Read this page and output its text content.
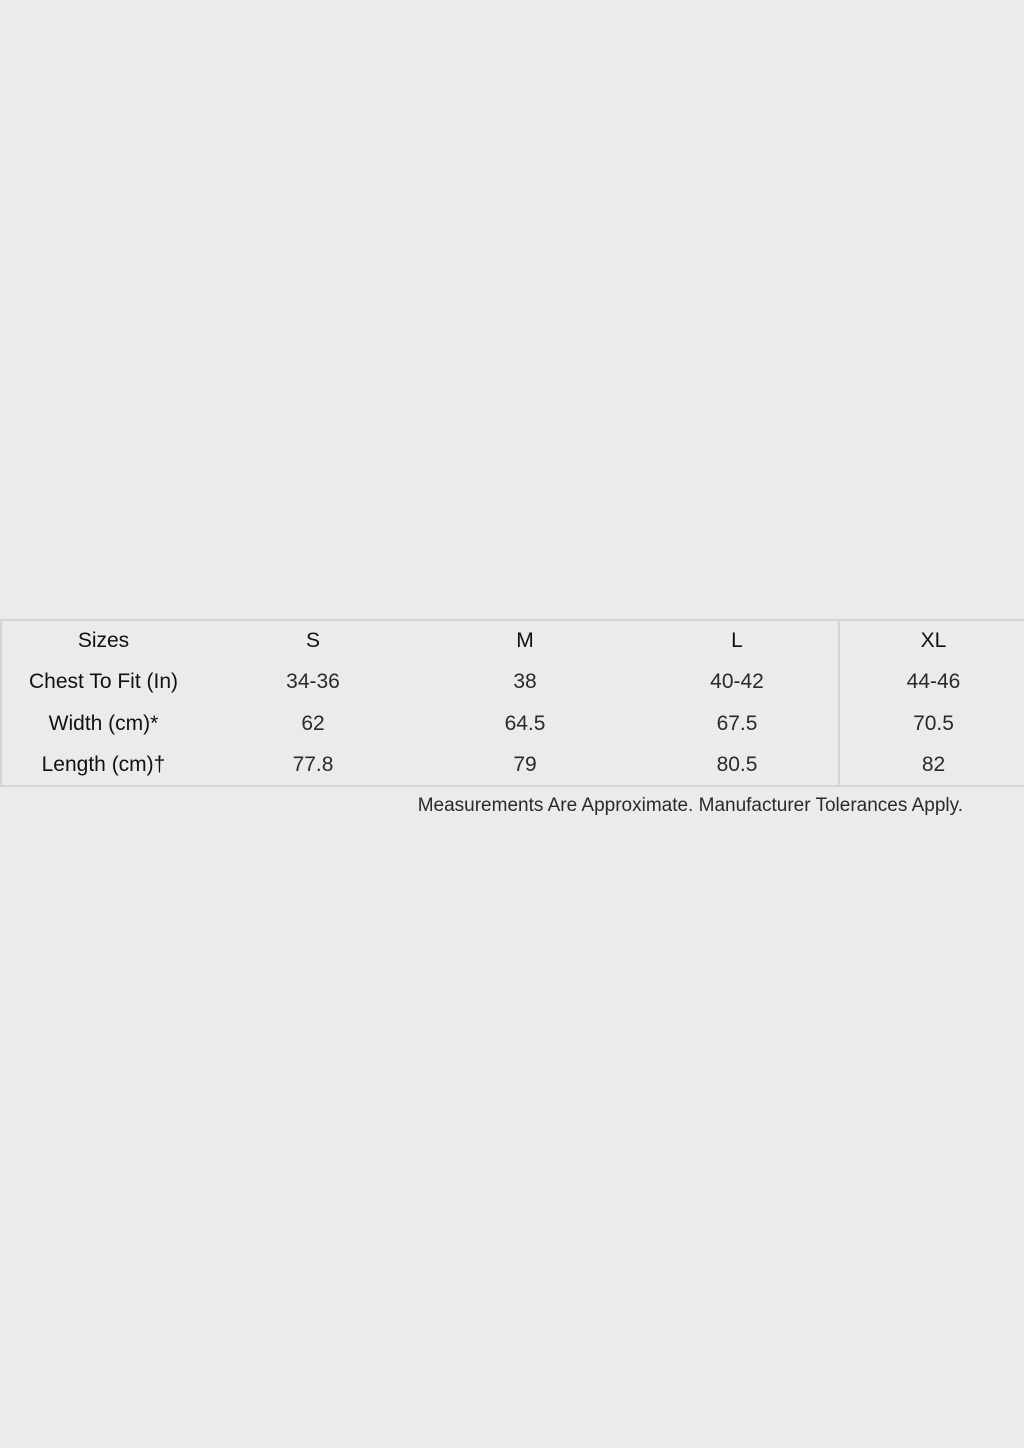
Sizes	S	M	L	XL
Chest To Fit (In)	34-36	38	40-42	44-46
Width (cm)*	62	64.5	67.5	70.5
Length (cm)†	77.8	79	80.5	82
Measurements Are Approximate. Manufacturer Tolerances Apply.
